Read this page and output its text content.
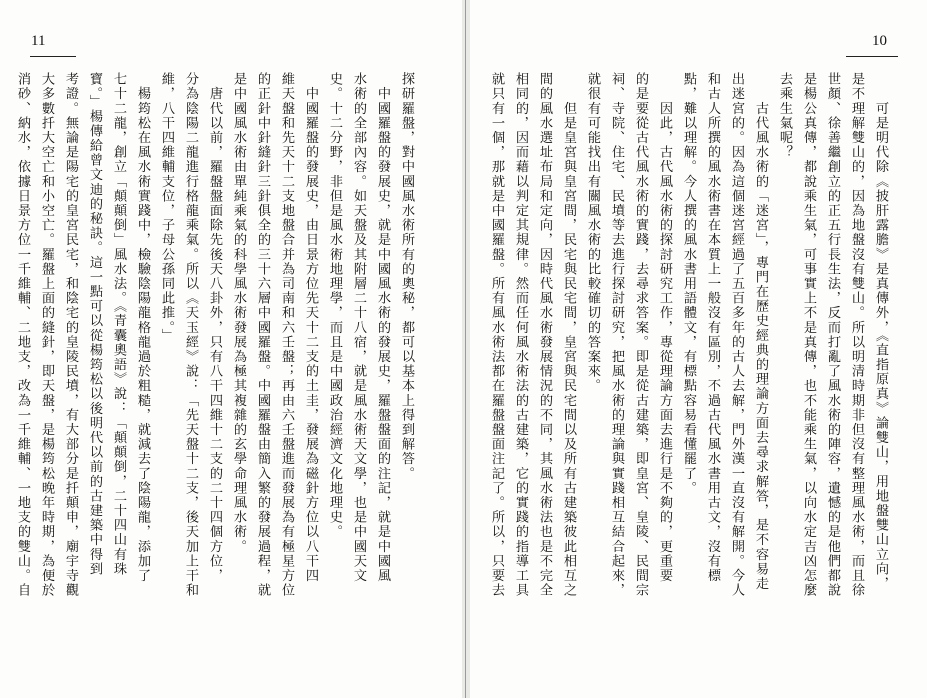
11	10
探研羅盤，對中國風水術所有的奧秘，都可以基本上得到解答。
　中國羅盤的發展史，就是中國風水術的發展史，羅盤盤面的注記，就是中國風
水術的全部內容。如天盤及其附層二十八宿，就是風水術天文學，也是中國天文
史。十二分野，非但是風水術地理學，而且是中國政治經濟文化地理史。
　中國羅盤的發展史，由日景方位先天十二支的土圭，發展為磁針方位以八干四
維天盤和先天十二支地盤合并為司南和六壬盤；再由六壬盤進而發展為有極星方位
的正針中針縫針三針俱全的三十六層中國羅盤。中國羅盤由簡入繁的發展過程，就
是中國風水術由單純乘氣的科學風水術發展為極其複雜的玄學命理風水術。
　唐代以前，羅盤盤面除先後天八卦外，只有八干四維十二支的二十四個方位，
分為陰陽二龍進行格龍乘氣。所以《天玉經》說：「先天盤十二支，後天加上干和
維，八干四維輔支位，子母公孫同此推。」
　楊筠松在風水術實踐中，檢驗陰陽龍格龍過於粗糙，就減去了陰陽龍，添加了
七十二龍，創立「顛顛倒」風水法。《青囊奧語》說：「顛顛倒，二十四山有珠
寶。」楊傳給曾文迪的秘訣。這一點可以從楊筠松以後明代以前的古建築中得到
考證。無論是陽宅的皇宮民宅，和陰宅的皇陵民墳，有大部分是扦顛申，廟宇寺觀
大多數扦大空亡和小空亡。羅盤上面的縫針，即天盤，是楊筠松晚年時期，為便於
消砂、納水，依據日景方位一千維輔、二地支，改為一千維輔、一地支的雙山。自	　　可是明代除《披肝露膽》是真傳外，《直指原真》論雙山，用地盤雙山立向，
是不理解雙山的，因為地盤沒有雙山。所以明清時期非但沒有整理風水術，而且徐
世顏、徐善繼創立的正五行長生法，反而打亂了風水術的陣容，遺憾的是他們都說
是楊公真傳，都說乘生氣，可事實上不是真傳，也不能乘生氣，以向水定吉凶怎麼
去乘生氣呢？
　　古代風水術的「迷宮」，專門在歷史經典的理論方面去尋求解答，是不容易走
出迷宮的。因為這個迷宮經過了五百多年的古人去解，門外漢一直沒有解開。今人
和古人所撰的風水術書在本質上一般沒有區別，不過古代風水書用古文，沒有標
點，難以理解。今人撰的風水書用語體文，有標點容易看懂罷了。
　　因此，古代風水術的探討研究工作，專從理論方面去進行是不夠的，更重要
的是要從古代風水術的實踐，去尋求答案。即是從古建築，即皇宮、皇陵、民間宗
祠、寺院、住宅、民墳等去進行探討研究，把風水術的理論與實踐相互結合起來，
就很有可能找出有關風水術的比較確切的答案來。
　　但是皇宮與皇宮間，民宅與民宅間，皇宮與民宅間以及所有古建築彼此相互之
間的風水選址布局和定向，因時代風水術發展情況的不同，其風水術法也是不完全
相同的，因而藉以判定其規律。然而任何風水術法的古建築，它的實踐的指導工具
就只有一個，那就是中國羅盤。所有風水術法都在羅盤盤面注記了。所以，只要去
